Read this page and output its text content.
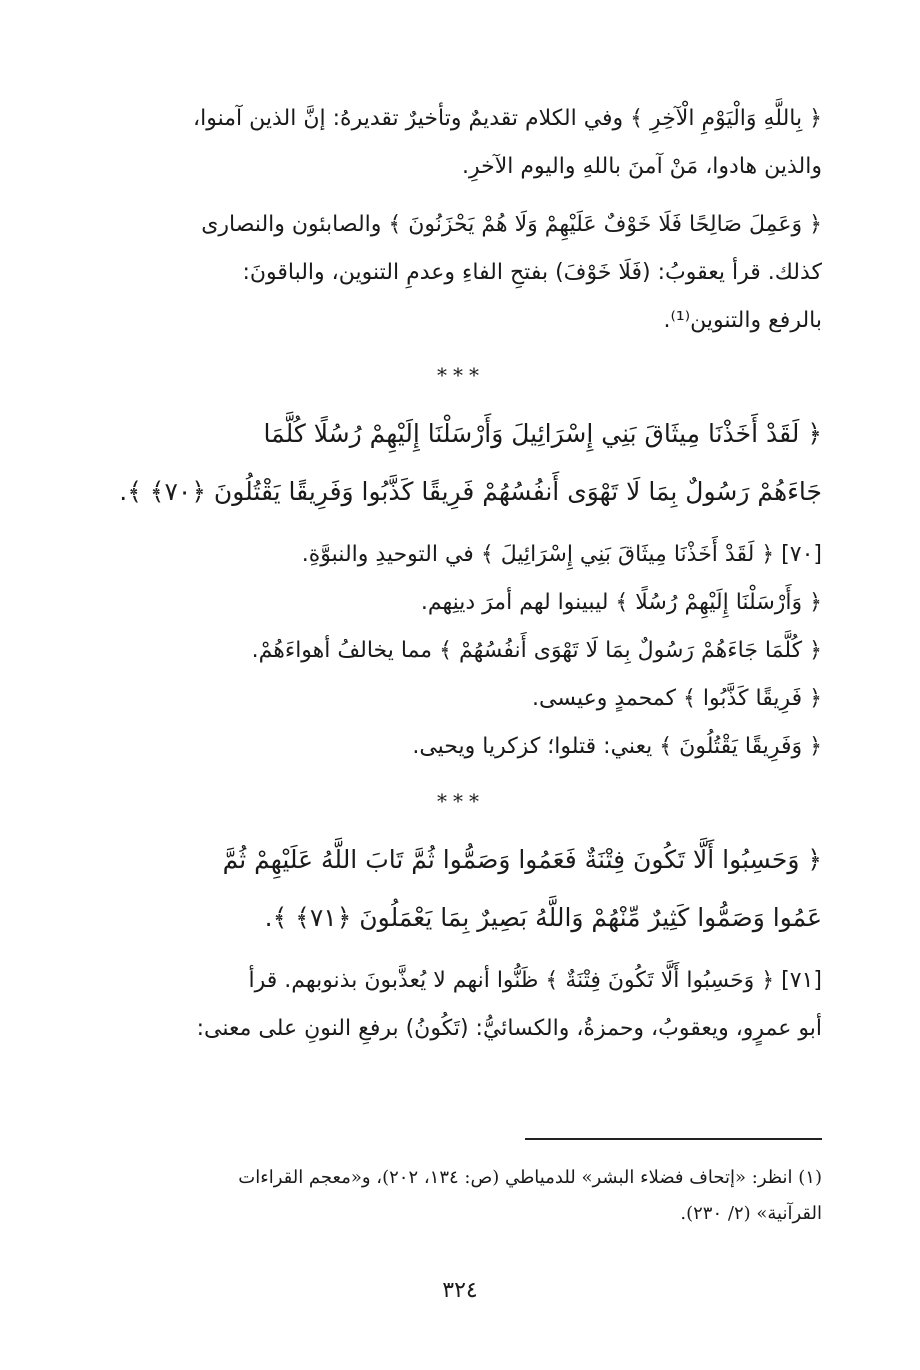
﴿ بِاللَّهِ وَالْيَوْمِ الْآخِرِ ﴾ وفي الكلام تقديمٌ وتأخيرٌ تقديرهُ: إنَّ الذين آمنوا،

والذين هادوا، مَنْ آمنَ باللهِ واليوم الآخرِ.

﴿ وَعَمِلَ صَالِحًا فَلَا خَوْفٌ عَلَيْهِمْ وَلَا هُمْ يَحْزَنُونَ ﴾ والصابئون والنصارى

كذلك. قرأ يعقوبُ: (فَلَا خَوْفَ) بفتحِ الفاءِ وعدمِ التنوين، والباقونَ:

بالرفع والتنوين⁽¹⁾.

***

﴿ لَقَدْ أَخَذْنَا مِيثَاقَ بَنِي إِسْرَائِيلَ وَأَرْسَلْنَا إِلَيْهِمْ رُسُلًا كُلَّمَا

جَاءَهُمْ رَسُولٌ بِمَا لَا تَهْوَى أَنفُسُهُمْ فَرِيقًا كَذَّبُوا وَفَرِيقًا يَقْتُلُونَ ﴿٧٠﴾ ﴾.

[٧٠] ﴿ لَقَدْ أَخَذْنَا مِيثَاقَ بَنِي إِسْرَائِيلَ ﴾ في التوحيدِ والنبوَّةِ.

﴿ وَأَرْسَلْنَا إِلَيْهِمْ رُسُلًا ﴾ ليبينوا لهم أمرَ دينِهم.

﴿ كُلَّمَا جَاءَهُمْ رَسُولٌ بِمَا لَا تَهْوَى أَنفُسُهُمْ ﴾ مما يخالفُ أهواءَهُمْ.

﴿ فَرِيقًا كَذَّبُوا ﴾ كمحمدٍ وعيسى.

﴿ وَفَرِيقًا يَقْتُلُونَ ﴾ يعني: قتلوا؛ كزكريا ويحيى.

***

﴿ وَحَسِبُوا أَلَّا تَكُونَ فِتْنَةٌ فَعَمُوا وَصَمُّوا ثُمَّ تَابَ اللَّهُ عَلَيْهِمْ ثُمَّ

عَمُوا وَصَمُّوا كَثِيرٌ مِّنْهُمْ وَاللَّهُ بَصِيرٌ بِمَا يَعْمَلُونَ ﴿٧١﴾ ﴾.

[٧١] ﴿ وَحَسِبُوا أَلَّا تَكُونَ فِتْنَةٌ ﴾ ظَنُّوا أنهم لا يُعذَّبونَ بذنوبهم. قرأ

أبو عمرٍو، ويعقوبُ، وحمزةُ، والكسائيُّ: (تَكُونُ) برفعِ النونِ على معنى:

(١) انظر: «إتحاف فضلاء البشر» للدمياطي (ص: ١٣٤، ٢٠٢)، و«معجم القراءات
القرآنية» (٢/ ٢٣٠).
٣٢٤
